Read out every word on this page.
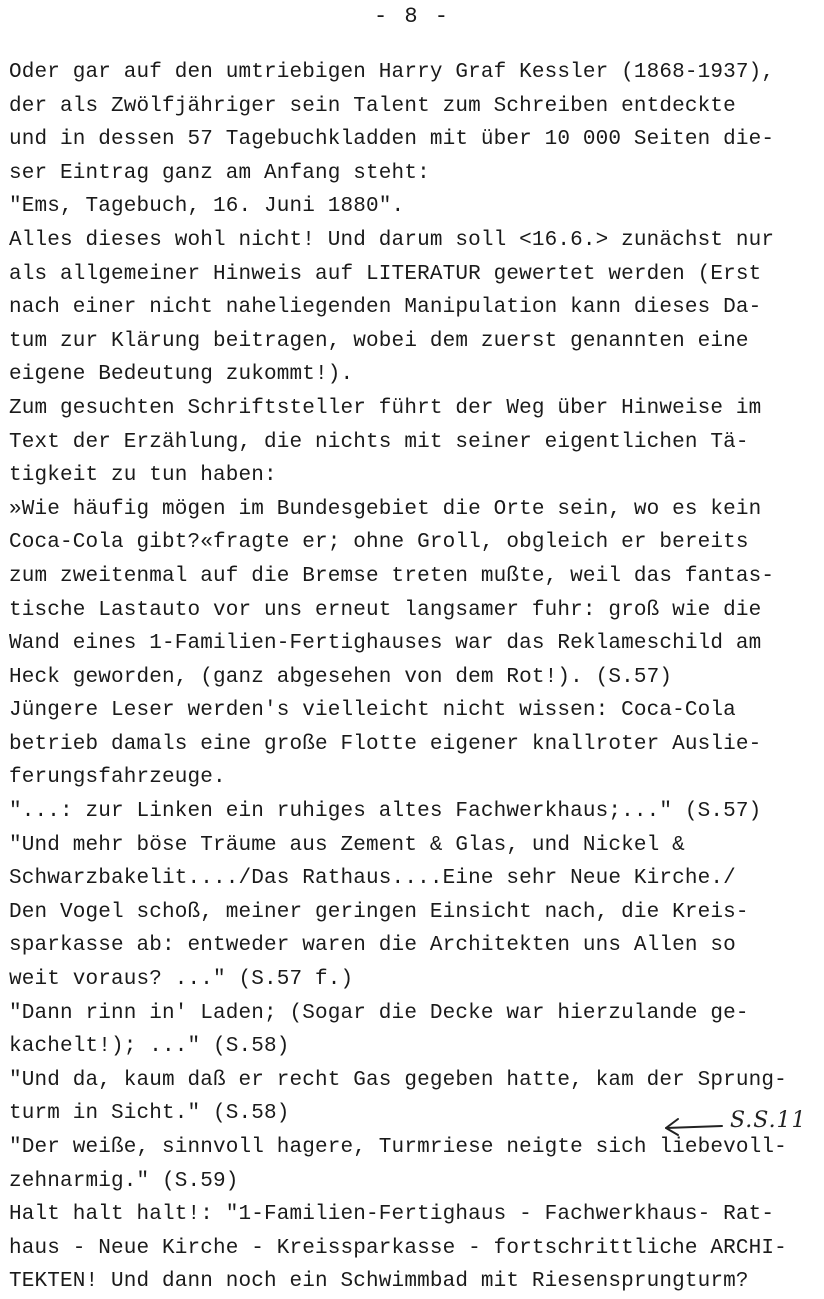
- 8 -
Oder gar auf den umtriebigen Harry Graf Kessler (1868-1937),
der als Zwölfjähriger sein Talent zum Schreiben entdeckte
und in dessen 57 Tagebuchkladden mit über 10 000 Seiten die-
ser Eintrag ganz am Anfang steht:
"Ems, Tagebuch, 16. Juni 1880".
Alles dieses wohl nicht! Und darum soll <16.6.> zunächst nur
als allgemeiner Hinweis auf LITERATUR gewertet werden (Erst
nach einer nicht naheliegenden Manipulation kann dieses Da-
tum zur Klärung beitragen, wobei dem zuerst genannten eine
eigene Bedeutung zukommt!).
Zum gesuchten Schriftsteller führt der Weg über Hinweise im
Text der Erzählung, die nichts mit seiner eigentlichen Tä-
tigkeit zu tun haben:
»Wie häufig mögen im Bundesgebiet die Orte sein, wo es kein
Coca-Cola gibt?«fragte er; ohne Groll, obgleich er bereits
zum zweitenmal auf die Bremse treten mußte, weil das fantas-
tische Lastauto vor uns erneut langsamer fuhr: groß wie die
Wand eines 1-Familien-Fertighauses war das Reklameschild am
Heck geworden, (ganz abgesehen von dem Rot!). (S.57)
Jüngere Leser werden's vielleicht nicht wissen: Coca-Cola
betrieb damals eine große Flotte eigener knallroter Auslie-
ferungsfahrzeuge.
"...: zur Linken ein ruhiges altes Fachwerkhaus;..." (S.57)
"Und mehr böse Träume aus Zement & Glas, und Nickel &
Schwarzbakelit..../Das Rathaus....Eine sehr Neue Kirche./
Den Vogel schoß, meiner geringen Einsicht nach, die Kreis-
sparkasse ab: entweder waren die Architekten uns Allen so
weit voraus? ..." (S.57 f.)
"Dann rinn in' Laden; (Sogar die Decke war hierzulande ge-
kachelt!); ..." (S.58)
"Und da, kaum daß er recht Gas gegeben hatte, kam der Sprung-
turm in Sicht." (S.58)
"Der weiße, sinnvoll hagere, Turmriese neigte sich liebevoll-
zehnarmig." (S.59)
Halt halt halt!: "1-Familien-Fertighaus - Fachwerkhaus- Rat-
haus - Neue Kirche - Kreissparkasse - fortschrittliche ARCHI-
TEKTEN! Und dann noch ein Schwimmbad mit Riesensprungturm?
S.S.11
